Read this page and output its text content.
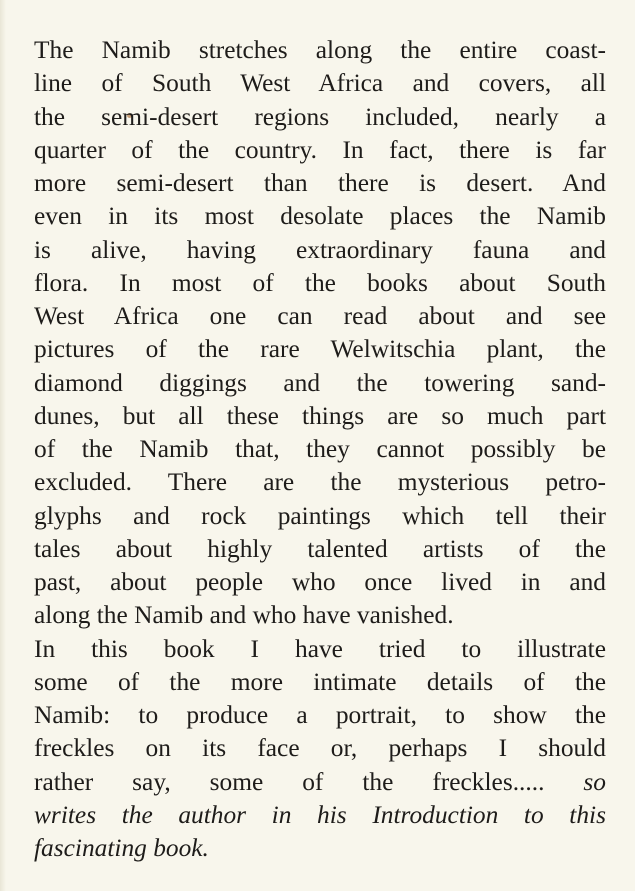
The Namib stretches along the entire coast-
line of South West Africa and covers, all
the semi-desert regions included, nearly a
quarter of the country. In fact, there is far
more semi-desert than there is desert. And
even in its most desolate places the Namib
is alive, having extraordinary fauna and
flora. In most of the books about South
West Africa one can read about and see
pictures of the rare Welwitschia plant, the
diamond diggings and the towering sand-
dunes, but all these things are so much part
of the Namib that, they cannot possibly be
excluded. There are the mysterious petro-
glyphs and rock paintings which tell their
tales about highly talented artists of the
past, about people who once lived in and
along the Namib and who have vanished.
In this book I have tried to illustrate
some of the more intimate details of the
Namib: to produce a portrait, to show the
freckles on its face or, perhaps I should
rather say, some of the freckles..... so
writes the author in his Introduction to this
fascinating book.
